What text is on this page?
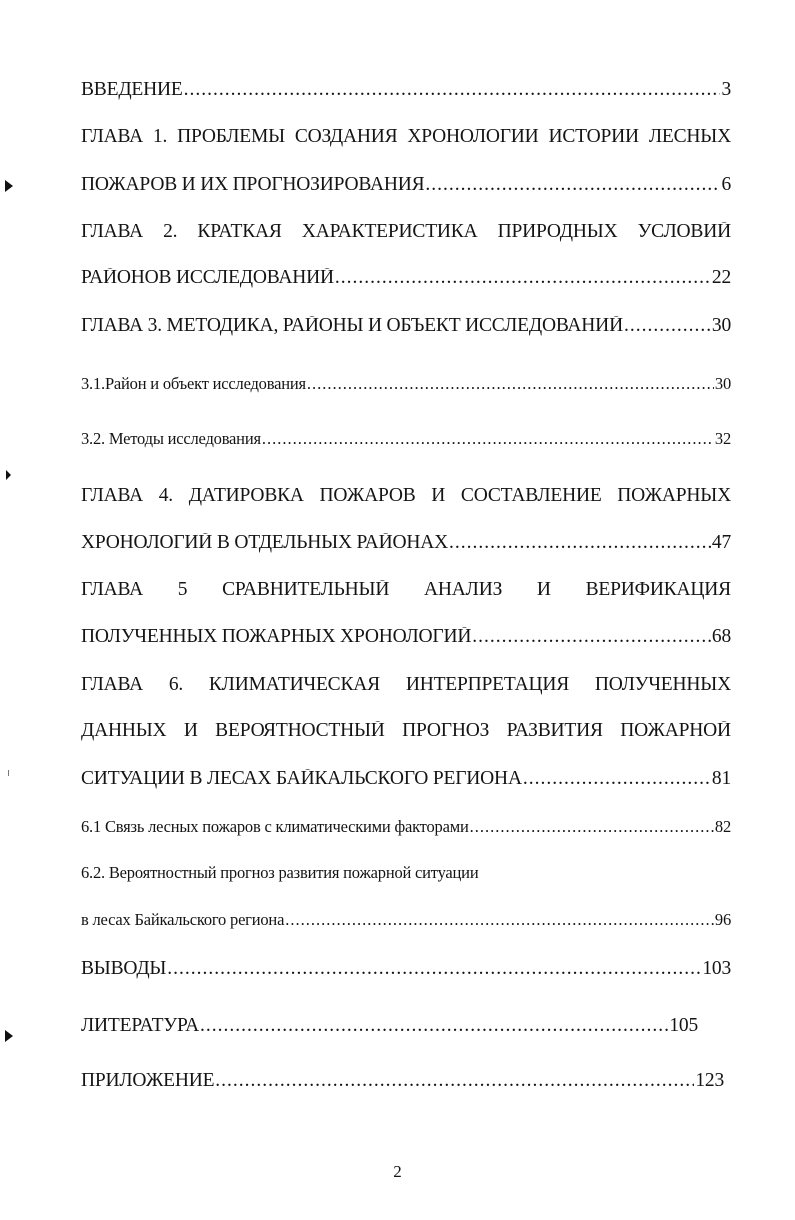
ВВЕДЕНИЕ .....	3
ГЛАВА 1. ПРОБЛЕМЫ СОЗДАНИЯ ХРОНОЛОГИИ ИСТОРИИ ЛЕСНЫХ
ПОЖАРОВ И ИХ ПРОГНОЗИРОВАНИЯ .....	6
ГЛАВА 2. КРАТКАЯ ХАРАКТЕРИСТИКА ПРИРОДНЫХ УСЛОВИЙ
РАЙОНОВ ИССЛЕДОВАНИЙ .....	22
ГЛАВА 3. МЕТОДИКА, РАЙОНЫ И ОБЪЕКТ ИССЛЕДОВАНИЙ .....	30
3.1.Район и объект исследования .....	30
3.2. Методы исследования .....	32
ГЛАВА 4. ДАТИРОВКА ПОЖАРОВ И СОСТАВЛЕНИЕ ПОЖАРНЫХ
ХРОНОЛОГИЙ В ОТДЕЛЬНЫХ РАЙОНАХ .....	47
ГЛАВА 5 СРАВНИТЕЛЬНЫЙ АНАЛИЗ И ВЕРИФИКАЦИЯ
ПОЛУЧЕННЫХ ПОЖАРНЫХ ХРОНОЛОГИЙ .....	68
ГЛАВА 6. КЛИМАТИЧЕСКАЯ ИНТЕРПРЕТАЦИЯ ПОЛУЧЕННЫХ
ДАННЫХ И ВЕРОЯТНОСТНЫЙ ПРОГНОЗ РАЗВИТИЯ ПОЖАРНОЙ
СИТУАЦИИ В ЛЕСАХ БАЙКАЛЬСКОГО РЕГИОНА .....	81
6.1 Связь лесных пожаров с климатическими факторами .....	82
6.2. Вероятностный прогноз развития пожарной ситуации
в лесах Байкальского региона .....	96
ВЫВОДЫ .....	103
ЛИТЕРАТУРА .....	105
ПРИЛОЖЕНИЕ .....	123
2
